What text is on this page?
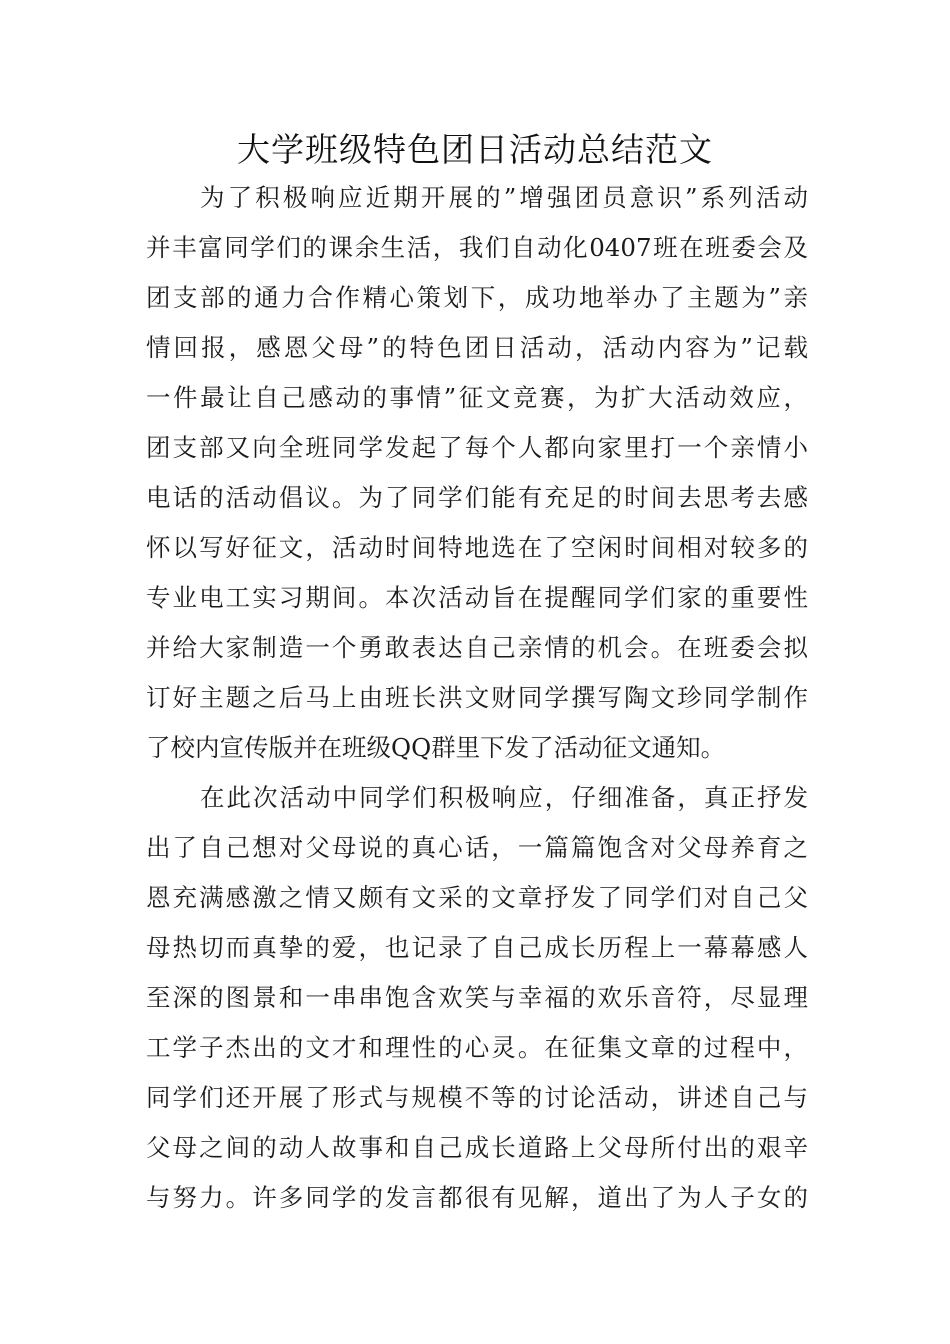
大学班级特色团日活动总结范文
为了积极响应近期开展的”增强团员意识”系列活动
并丰富同学们的课余生活，我们自动化0407班在班委会及
团支部的通力合作精心策划下，成功地举办了主题为”亲
情回报，感恩父母”的特色团日活动，活动内容为”记载
一件最让自己感动的事情”征文竞赛，为扩大活动效应，
团支部又向全班同学发起了每个人都向家里打一个亲情小
电话的活动倡议。为了同学们能有充足的时间去思考去感
怀以写好征文，活动时间特地选在了空闲时间相对较多的
专业电工实习期间。本次活动旨在提醒同学们家的重要性
并给大家制造一个勇敢表达自己亲情的机会。在班委会拟
订好主题之后马上由班长洪文财同学撰写陶文珍同学制作
了校内宣传版并在班级QQ群里下发了活动征文通知。
在此次活动中同学们积极响应，仔细准备，真正抒发
出了自己想对父母说的真心话，一篇篇饱含对父母养育之
恩充满感激之情又颇有文采的文章抒发了同学们对自己父
母热切而真挚的爱，也记录了自己成长历程上一幕幕感人
至深的图景和一串串饱含欢笑与幸福的欢乐音符，尽显理
工学子杰出的文才和理性的心灵。在征集文章的过程中，
同学们还开展了形式与规模不等的讨论活动，讲述自己与
父母之间的动人故事和自己成长道路上父母所付出的艰辛
与努力。许多同学的发言都很有见解，道出了为人子女的
